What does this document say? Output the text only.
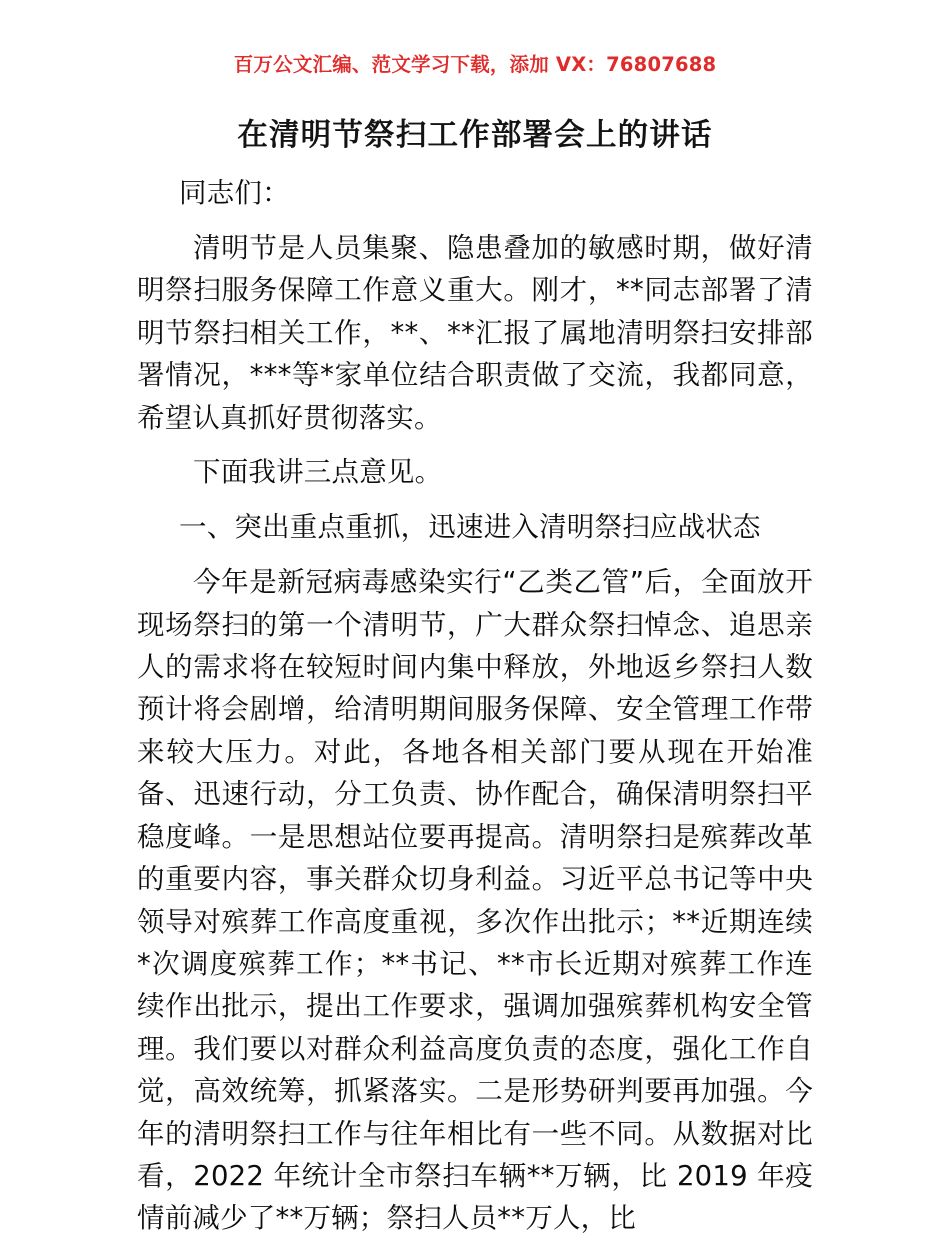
百万公文汇编、范文学习下载，添加 VX：76807688
在清明节祭扫工作部署会上的讲话

同志们：

清明节是人员集聚、隐患叠加的敏感时期，做好清明祭扫服务保障工作意义重大。刚才，**同志部署了清明节祭扫相关工作，**、**汇报了属地清明祭扫安排部署情况，***等*家单位结合职责做了交流，我都同意，希望认真抓好贯彻落实。

下面我讲三点意见。

一、突出重点重抓，迅速进入清明祭扫应战状态

今年是新冠病毒感染实行“乙类乙管”后，全面放开现场祭扫的第一个清明节，广大群众祭扫悼念、追思亲人的需求将在较短时间内集中释放，外地返乡祭扫人数预计将会剧增，给清明期间服务保障、安全管理工作带来较大压力。对此，各地各相关部门要从现在开始准备、迅速行动，分工负责、协作配合，确保清明祭扫平稳度峰。一是思想站位要再提高。清明祭扫是殡葬改革的重要内容，事关群众切身利益。习近平总书记等中央领导对殡葬工作高度重视，多次作出批示；**近期连续*次调度殡葬工作；**书记、**市长近期对殡葬工作连续作出批示，提出工作要求，强调加强殡葬机构安全管理。我们要以对群众利益高度负责的态度，强化工作自觉，高效统筹，抓紧落实。二是形势研判要再加强。今年的清明祭扫工作与往年相比有一些不同。从数据对比看，2022 年统计全市祭扫车辆**万辆，比 2019 年疫情前减少了**万辆；祭扫人员**万人，比
